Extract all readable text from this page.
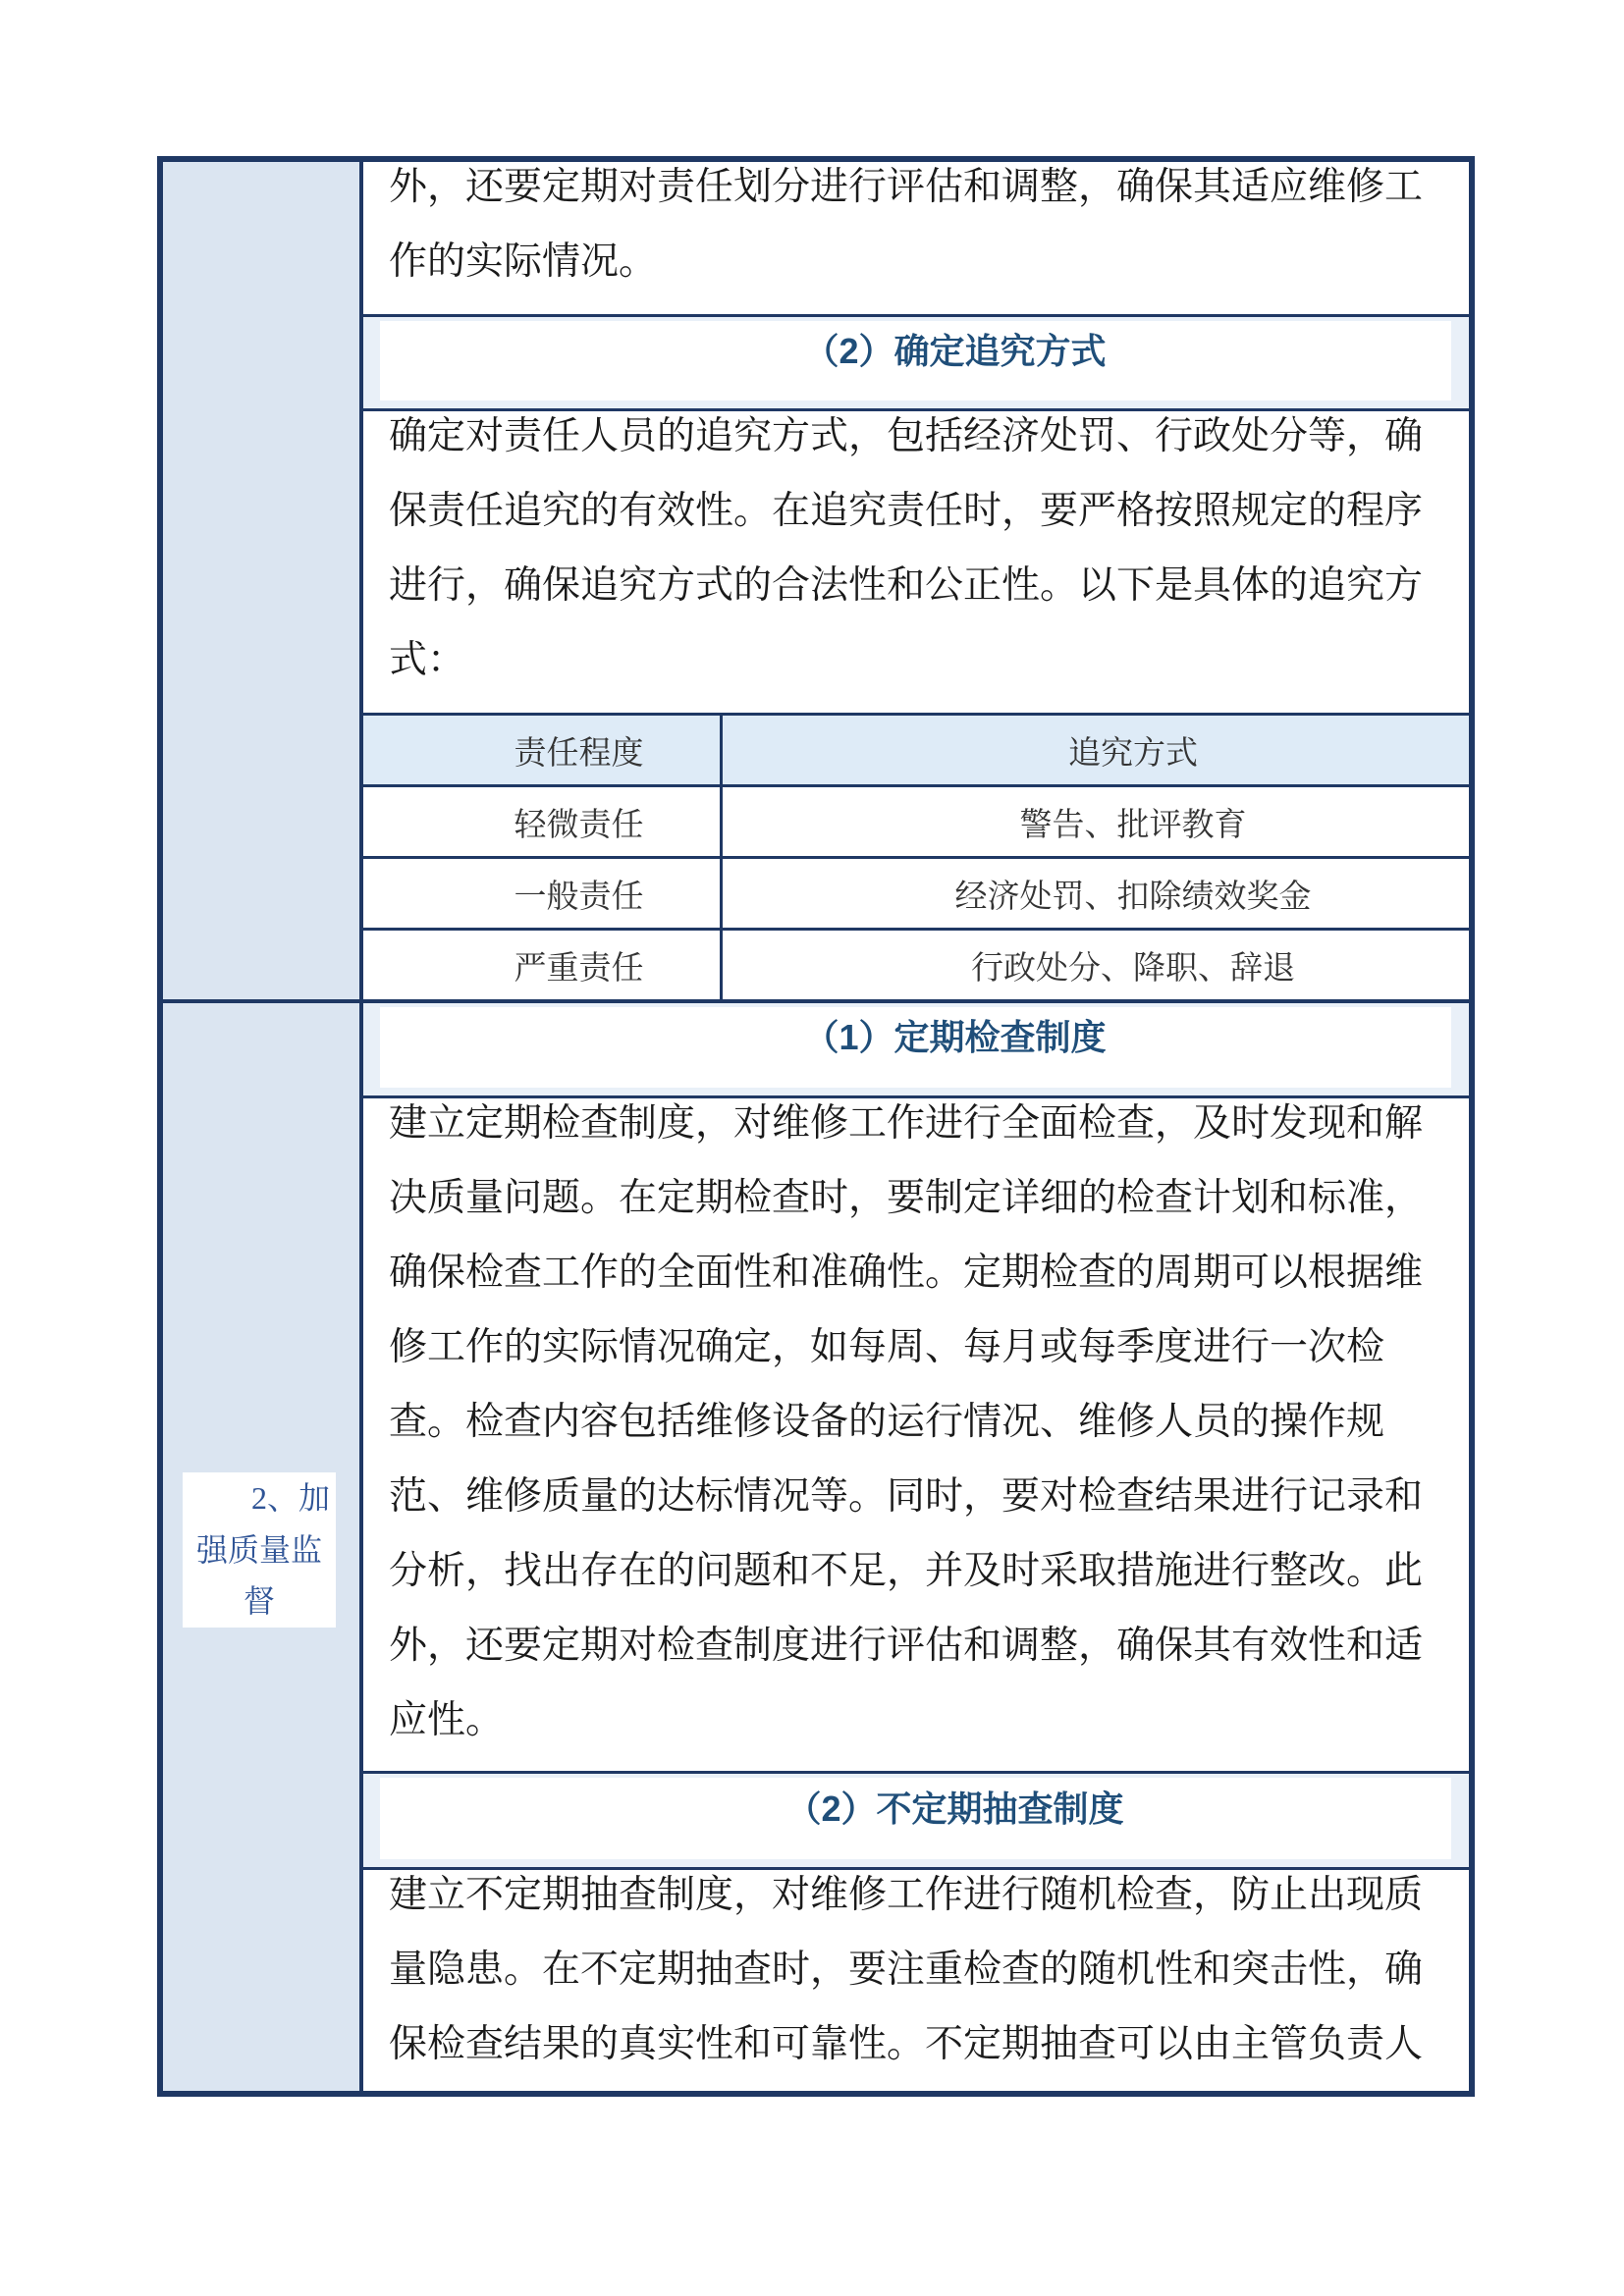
2、加强质量监督

外，还要定期对责任划分进行评估和调整，确保其适应维修工作的实际情况。

（2）确定追究方式

确定对责任人员的追究方式，包括经济处罚、行政处分等，确保责任追究的有效性。在追究责任时，要严格按照规定的程序进行，确保追究方式的合法性和公正性。以下是具体的追究方式：

责任程度	追究方式
轻微责任	警告、批评教育
一般责任	经济处罚、扣除绩效奖金
严重责任	行政处分、降职、辞退
（1）定期检查制度

建立定期检查制度，对维修工作进行全面检查，及时发现和解决质量问题。在定期检查时，要制定详细的检查计划和标准，确保检查工作的全面性和准确性。定期检查的周期可以根据维修工作的实际情况确定，如每周、每月或每季度进行一次检查。检查内容包括维修设备的运行情况、维修人员的操作规范、维修质量的达标情况等。同时，要对检查结果进行记录和分析，找出存在的问题和不足，并及时采取措施进行整改。此外，还要定期对检查制度进行评估和调整，确保其有效性和适应性。

（2）不定期抽查制度

建立不定期抽查制度，对维修工作进行随机检查，防止出现质量隐患。在不定期抽查时，要注重检查的随机性和突击性，确保检查结果的真实性和可靠性。不定期抽查可以由主管负责人
